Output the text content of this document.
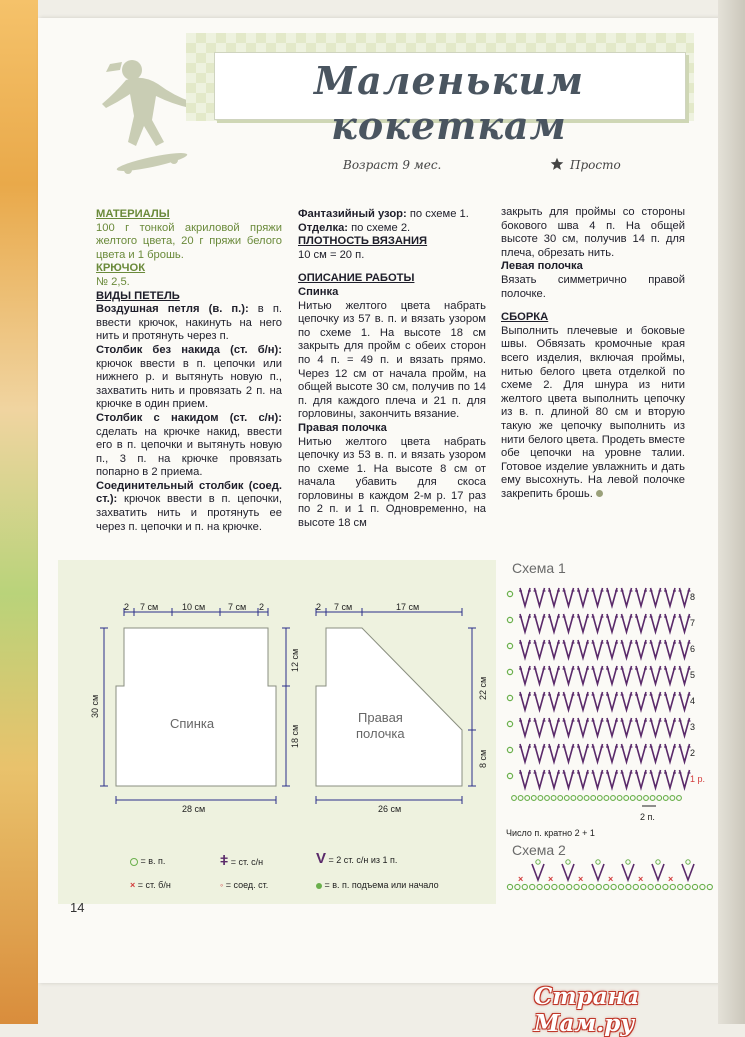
Маленьким кокеткам
Возраст 9 мес.	Просто

МАТЕРИАЛЫ

100 г тонкой акриловой пряжи желтого цвета, 20 г пряжи белого цвета и 1 брошь.

КРЮЧОК

№ 2,5.

ВИДЫ ПЕТЕЛЬ

Воздушная петля (в. п.): в п. ввести крючок, накинуть на него нить и протянуть через п.

Столбик без накида (ст. б/н): крючок ввести в п. цепочки или нижнего р. и вытянуть новую п., захватить нить и провязать 2 п. на крючке в один прием.

Столбик с накидом (ст. с/н): сделать на крючке накид, ввести его в п. цепочки и вытянуть новую п., 3 п. на крючке провязать попарно в 2 приема.

Соединительный столбик (соед. ст.): крючок ввести в п. цепочки, захватить нить и протянуть ее через п. цепочки и п. на крючке.

Фантазийный узор: по схеме 1.

Отделка: по схеме 2.

ПЛОТНОСТЬ ВЯЗАНИЯ

10 см = 20 п.

ОПИСАНИЕ РАБОТЫ

Спинка

Нитью желтого цвета набрать цепочку из 57 в. п. и вязать узором по схеме 1. На высоте 18 см закрыть для пройм с обеих сторон по 4 п. = 49 п. и вязать прямо. Через 12 см от начала пройм, на общей высоте 30 см, получив по 14 п. для каждого плеча и 21 п. для горловины, закончить вязание.

Правая полочка

Нитью желтого цвета набрать цепочку из 53 в. п. и вязать узором по схеме 1. На высоте 8 см от начала убавить для скоса горловины в каждом 2-м р. 17 раз по 2 п. и 1 п. Одновременно, на высоте 18 см

закрыть для проймы со стороны бокового шва 4 п. На общей высоте 30 см, получив 14 п. для плеча, обрезать нить.

Левая полочка

Вязать симметрично правой полочке.

СБОРКА

Выполнить плечевые и боковые швы. Обвязать кромочные края всего изделия, включая проймы, нитью белого цвета отделкой по схеме 2. Для шнура из нити желтого цвета выполнить цепочку из в. п. длиной 80 см и вторую такую же цепочку выполнить из нити белого цвета. Продеть вместе обе цепочки на уровне талии. Готовое изделие увлажнить и дать ему высохнуть. На левой полочке закрепить брошь.

2 7 см	10 см	7 см 2
28 см
30 см
12 см
18 см
2 7 см	17 см
26 см
22 см
8 см
Спинка	Правая
полочка
= в. п.	ǂ = ст. с/н	V = 2 ст. с/н из 1 п.
× = ст. б/н	◦ = соед. ст.	= в. п. подъема или начало
Схема 1
8
7
6
5
4
3
2
1 р.
2 п.
Число п. кратно 2 + 1
Схема 2
×	×	×	×	×	×
14
Страна Мам.ру
